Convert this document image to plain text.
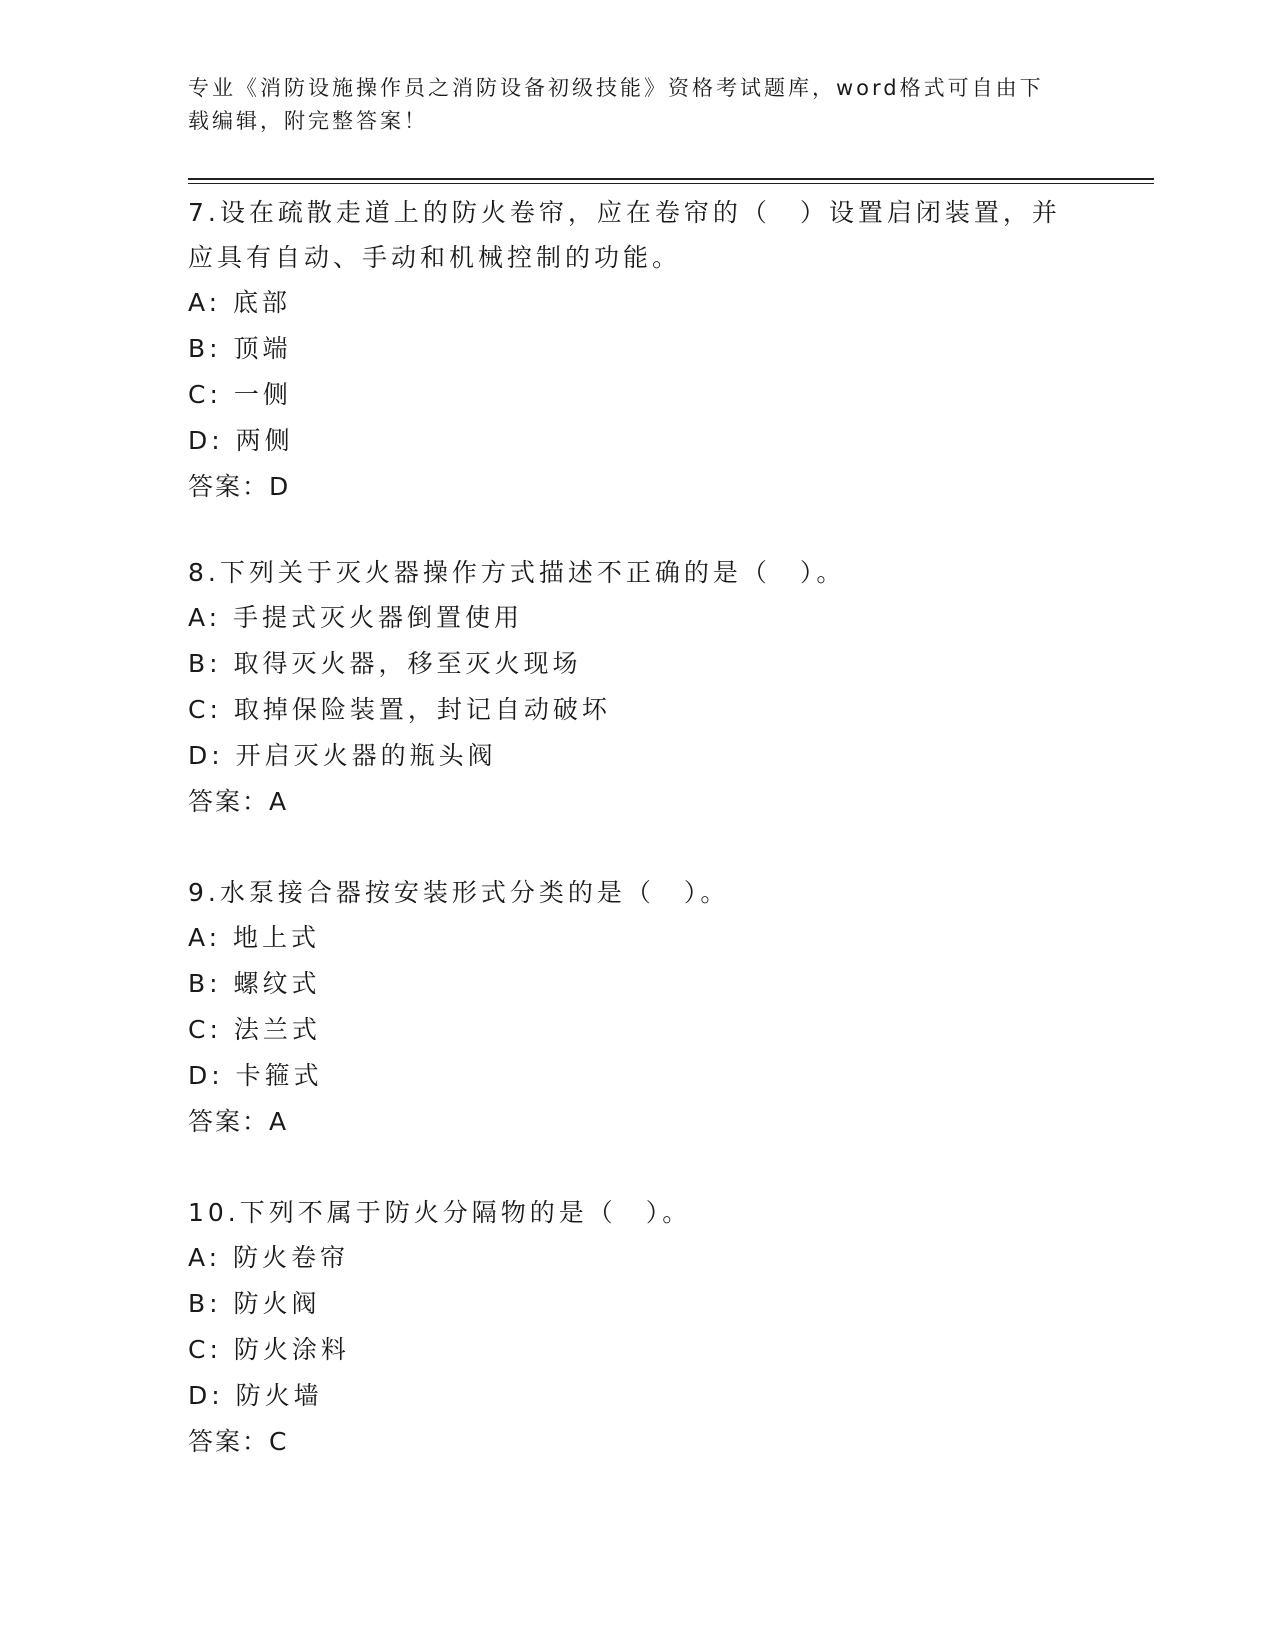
专业《消防设施操作员之消防设备初级技能》资格考试题库，word格式可自由下
载编辑，附完整答案！
7.设在疏散走道上的防火卷帘，应在卷帘的（　）设置启闭装置，并
应具有自动、手动和机械控制的功能。
A: 底部
B: 顶端
C: 一侧
D: 两侧
答案：D
8.下列关于灭火器操作方式描述不正确的是（　）。
A: 手提式灭火器倒置使用
B: 取得灭火器，移至灭火现场
C: 取掉保险装置，封记自动破坏
D: 开启灭火器的瓶头阀
答案：A
9.水泵接合器按安装形式分类的是（　）。
A: 地上式
B: 螺纹式
C: 法兰式
D: 卡箍式
答案：A
10.下列不属于防火分隔物的是（　）。
A: 防火卷帘
B: 防火阀
C: 防火涂料
D: 防火墙
答案：C
